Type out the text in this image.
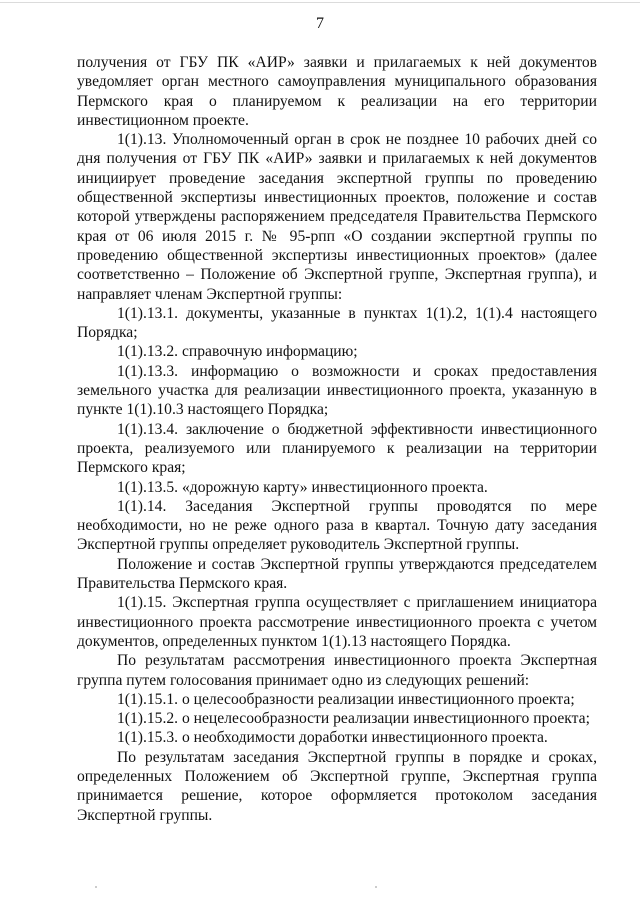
7

получения от ГБУ ПК «АИР» заявки и прилагаемых к ней документов уведомляет орган местного самоуправления муниципального образования Пермского края о планируемом к реализации на его территории инвестиционном проекте.

1(1).13. Уполномоченный орган в срок не позднее 10 рабочих дней со дня получения от ГБУ ПК «АИР» заявки и прилагаемых к ней документов инициирует проведение заседания экспертной группы по проведению общественной экспертизы инвестиционных проектов, положение и состав которой утверждены распоряжением председателя Правительства Пермского края от 06 июля 2015 г. № 95-рпп «О создании экспертной группы по проведению общественной экспертизы инвестиционных проектов» (далее соответственно – Положение об Экспертной группе, Экспертная группа), и направляет членам Экспертной группы:

1(1).13.1. документы, указанные в пунктах 1(1).2, 1(1).4 настоящего Порядка;

1(1).13.2. справочную информацию;

1(1).13.3. информацию о возможности и сроках предоставления земельного участка для реализации инвестиционного проекта, указанную в пункте 1(1).10.3 настоящего Порядка;

1(1).13.4. заключение о бюджетной эффективности инвестиционного проекта, реализуемого или планируемого к реализации на территории Пермского края;

1(1).13.5. «дорожную карту» инвестиционного проекта.

1(1).14. Заседания Экспертной группы проводятся по мере необходимости, но не реже одного раза в квартал. Точную дату заседания Экспертной группы определяет руководитель Экспертной группы.

Положение и состав Экспертной группы утверждаются председателем Правительства Пермского края.

1(1).15. Экспертная группа осуществляет с приглашением инициатора инвестиционного проекта рассмотрение инвестиционного проекта с учетом документов, определенных пунктом 1(1).13 настоящего Порядка.

По результатам рассмотрения инвестиционного проекта Экспертная группа путем голосования принимает одно из следующих решений:

1(1).15.1. о целесообразности реализации инвестиционного проекта;

1(1).15.2. о нецелесообразности реализации инвестиционного проекта;

1(1).15.3. о необходимости доработки инвестиционного проекта.

По результатам заседания Экспертной группы в порядке и сроках, определенных Положением об Экспертной группе, Экспертная группа принимается решение, которое оформляется протоколом заседания Экспертной группы.
